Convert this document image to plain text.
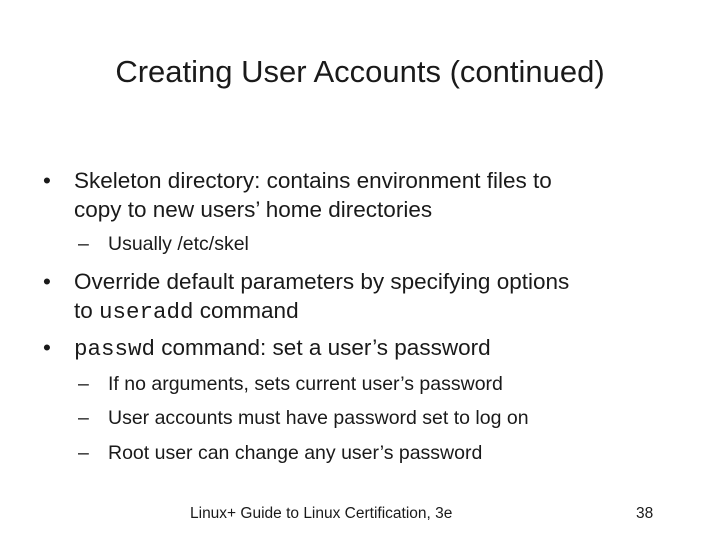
Creating User Accounts (continued)
•	Skeleton directory: contains environment files to
copy to new users’ home directories
– Usually /etc/skel
•	Override default parameters by specifying options
to useradd command
•	passwd command: set a user’s password
– If no arguments, sets current user’s password
– User accounts must have password set to log on
– Root user can change any user’s password
Linux+ Guide to Linux Certification, 3e	38
